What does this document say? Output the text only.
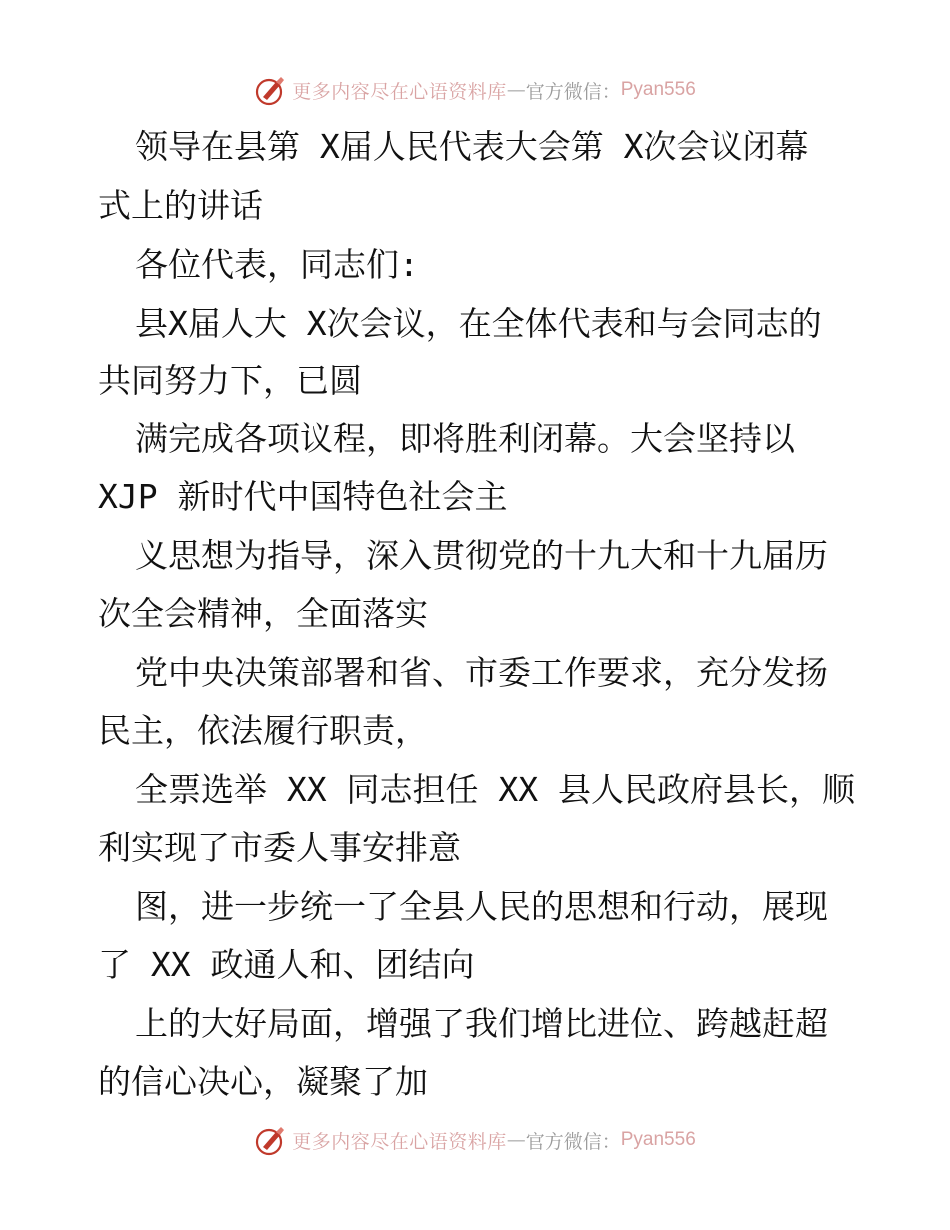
更多内容尽在心语资料库 — 官方微信： Pyan556

领导在县第 X届人民代表大会第 X次会议闭幕

式上的讲话

各位代表，同志们:

县X届人大 X次会议，在全体代表和与会同志的

共同努力下，已圆

满完成各项议程，即将胜利闭幕。大会坚持以

XJP 新时代中国特色社会主

义思想为指导，深入贯彻党的十九大和十九届历

次全会精神，全面落实

党中央决策部署和省、市委工作要求，充分发扬

民主，依法履行职责，

全票选举 XX 同志担任 XX 县人民政府县长，顺

利实现了市委人事安排意

图，进一步统一了全县人民的思想和行动，展现

了 XX 政通人和、团结向

上的大好局面，增强了我们增比进位、跨越赶超

的信心决心，凝聚了加

更多内容尽在心语资料库 — 官方微信： Pyan556
